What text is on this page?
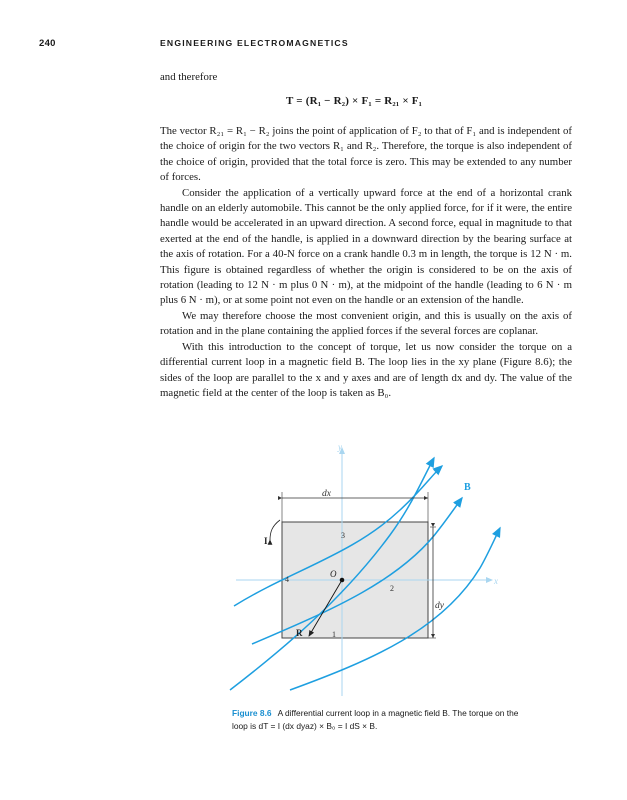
240	ENGINEERING ELECTROMAGNETICS

and therefore

T = (R₁ − R₂) × F₁ = R₂₁ × F₁

The vector R₂₁ = R₁ − R₂ joins the point of application of F₂ to that of F₁ and is independent of the choice of origin for the two vectors R₁ and R₂. Therefore, the torque is also independent of the choice of origin, provided that the total force is zero. This may be extended to any number of forces.

Consider the application of a vertically upward force at the end of a horizontal crank handle on an elderly automobile. This cannot be the only applied force, for if it were, the entire handle would be accelerated in an upward direction. A second force, equal in magnitude to that exerted at the end of the handle, is applied in a downward direction by the bearing surface at the axis of rotation. For a 40-N force on a crank handle 0.3 m in length, the torque is 12 N · m. This figure is obtained regardless of whether the origin is considered to be on the axis of rotation (leading to 12 N · m plus 0 N · m), at the midpoint of the handle (leading to 6 N · m plus 6 N · m), or at some point not even on the handle or an extension of the handle.

We may therefore choose the most convenient origin, and this is usually on the axis of rotation and in the plane containing the applied forces if the several forces are coplanar.

With this introduction to the concept of torque, let us now consider the torque on a differential current loop in a magnetic field B. The loop lies in the xy plane (Figure 8.6); the sides of the loop are parallel to the x and y axes and are of length dx and dy. The value of the magnetic field at the center of the loop is taken as B₀.

y
x
B
dx
dy
I
3
4
2
1
O
R
Figure 8.6 A differential current loop in a magnetic field B. The torque on the loop is dT = I (dx dyaz) × B₀ = I dS × B.
